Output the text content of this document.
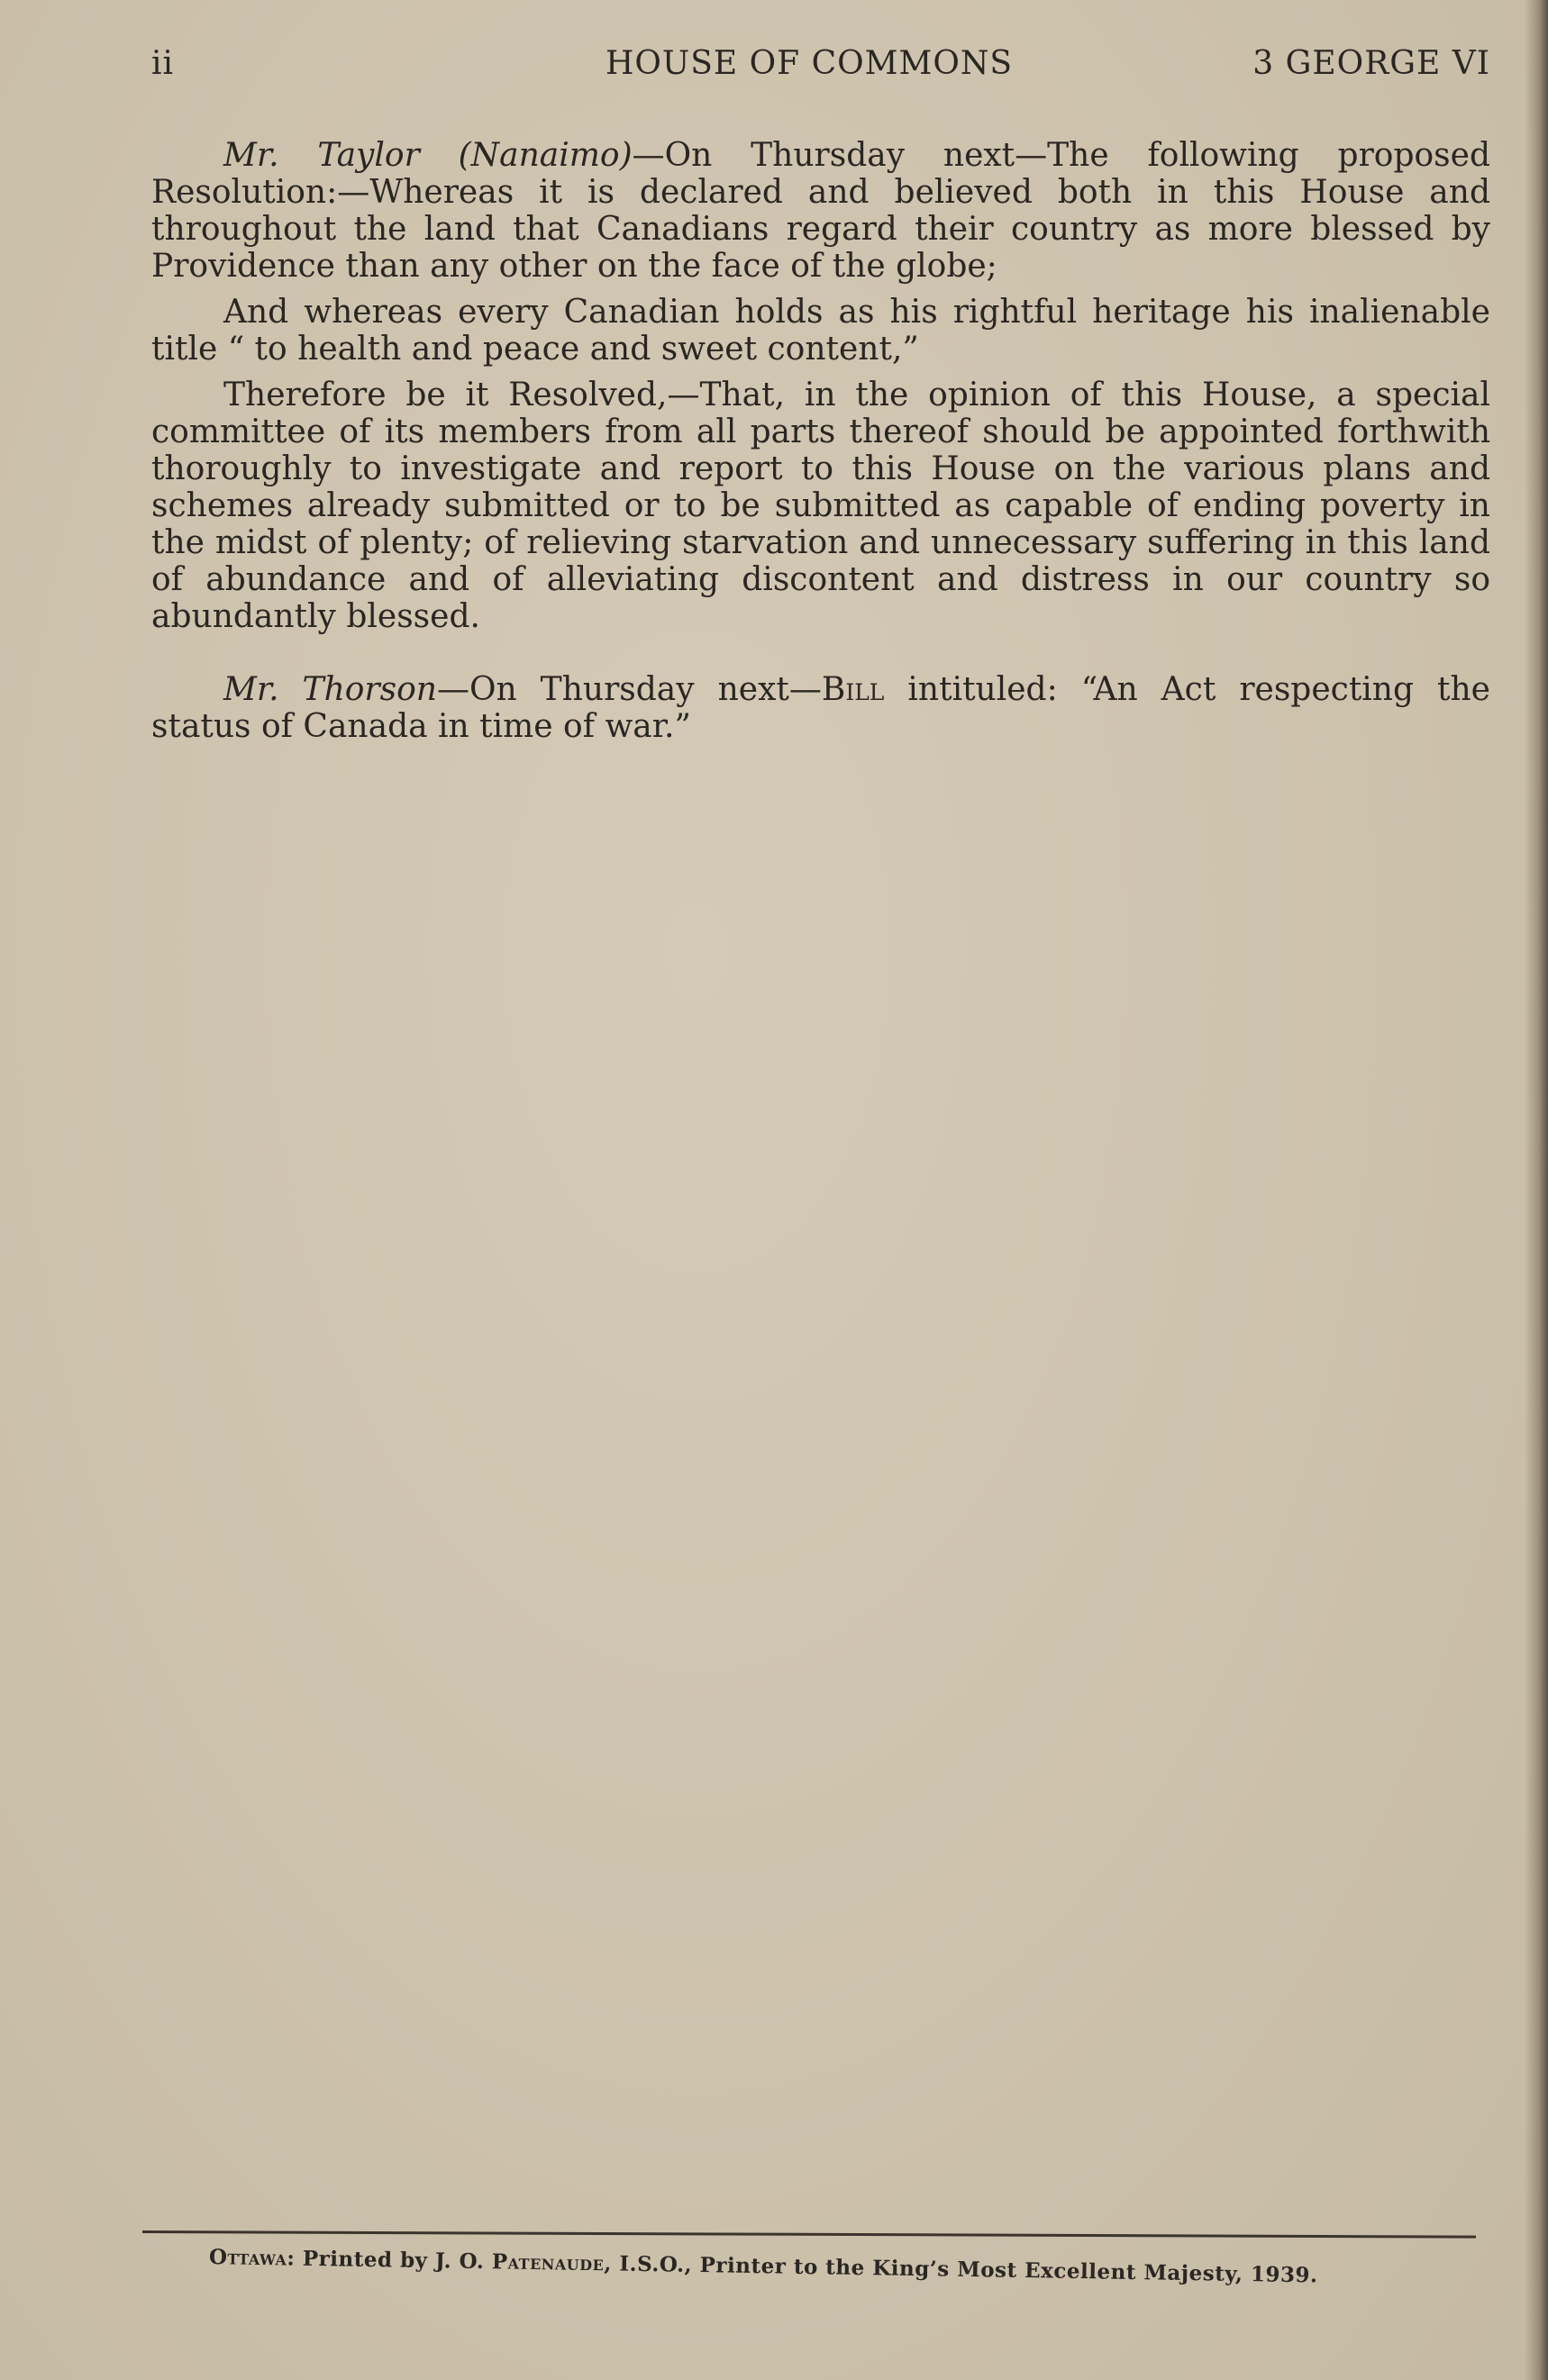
ii	HOUSE OF COMMONS	3 GEORGE VI

Mr. Taylor (Nanaimo)—On Thursday next—The following proposed Resolution:—Whereas it is declared and believed both in this House and throughout the land that Canadians regard their country as more blessed by Providence than any other on the face of the globe;

And whereas every Canadian holds as his rightful heritage his inalienable title “ to health and peace and sweet content,”

Therefore be it Resolved,—That, in the opinion of this House, a special committee of its members from all parts thereof should be appointed forthwith thoroughly to investigate and report to this House on the various plans and schemes already submitted or to be submitted as capable of ending poverty in the midst of plenty; of relieving starvation and unnecessary suffering in this land of abundance and of alleviating discontent and distress in our country so abundantly blessed.

Mr. Thorson—On Thursday next—Bill intituled: “An Act respecting the status of Canada in time of war.”

Ottawa: Printed by J. O. Patenaude, I.S.O., Printer to the King’s Most Excellent Majesty, 1939.
